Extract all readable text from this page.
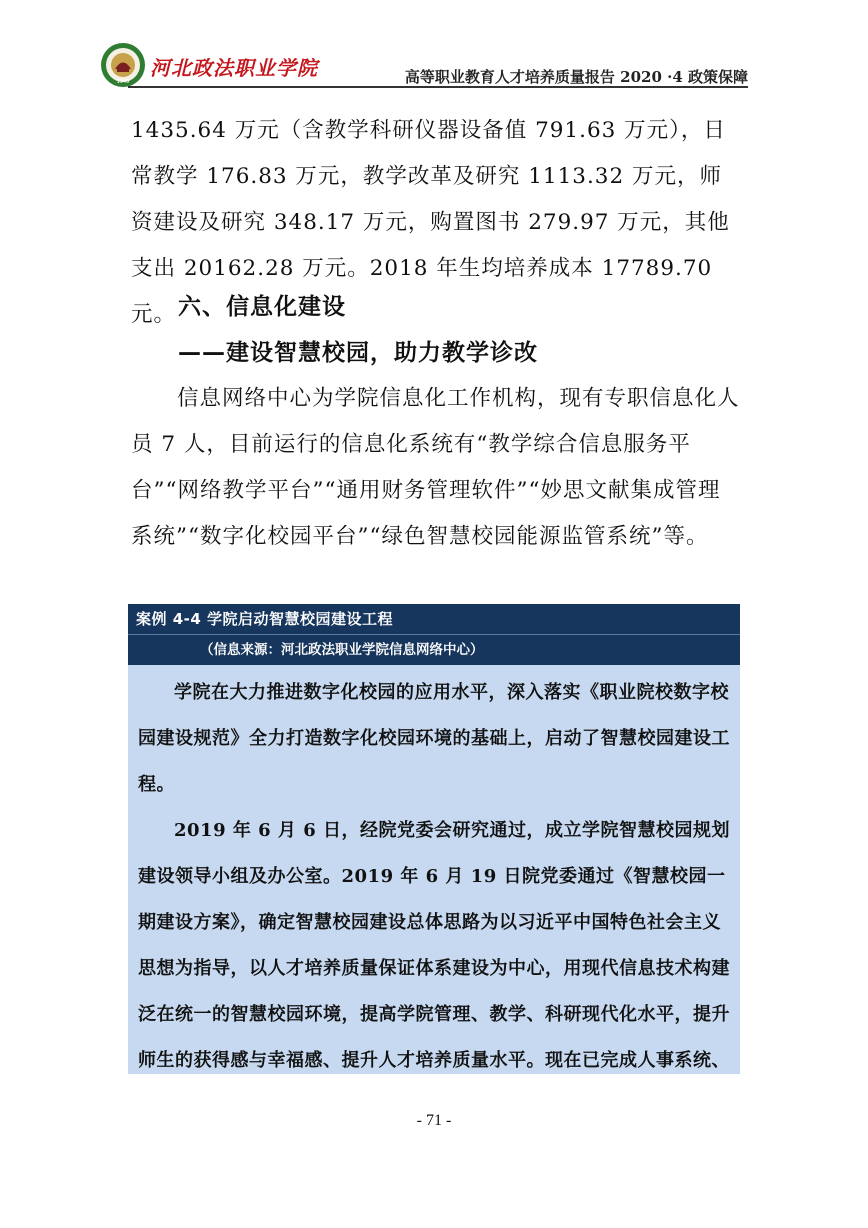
1949
河北政法职业学院	高等职业教育人才培养质量报告 2020 ·4 政策保障
1435.64 万元（含教学科研仪器设备值 791.63 万元），日常教学 176.83 万元，教学改革及研究 1113.32 万元，师资建设及研究 348.17 万元，购置图书 279.97 万元，其他支出 20162.28 万元。2018 年生均培养成本 17789.70 元。 六、信息化建设
——建设智慧校园，助力教学诊改
信息网络中心为学院信息化工作机构，现有专职信息化人员 7 人，目前运行的信息化系统有“教学综合信息服务平台”“网络教学平台”“通用财务管理软件”“妙思文献集成管理系统”“数字化校园平台”“绿色智慧校园能源监管系统”等。
案例 4-4 学院启动智慧校园建设工程
（信息来源：河北政法职业学院信息网络中心）

学院在大力推进数字化校园的应用水平，深入落实《职业院校数字校园建设规范》全力打造数字化校园环境的基础上，启动了智慧校园建设工程。

2019 年 6 月 6 日，经院党委会研究通过，成立学院智慧校园规划建设领导小组及办公室。2019 年 6 月 19 日院党委通过《智慧校园一期建设方案》，确定智慧校园建设总体思路为以习近平中国特色社会主义思想为指导，以人才培养质量保证体系建设为中心，用现代信息技术构建泛在统一的智慧校园环境，提高学院管理、教学、科研现代化水平，提升师生的获得感与幸福感、提升人才培养质量水平。现在已完成人事系统、

- 71 -
